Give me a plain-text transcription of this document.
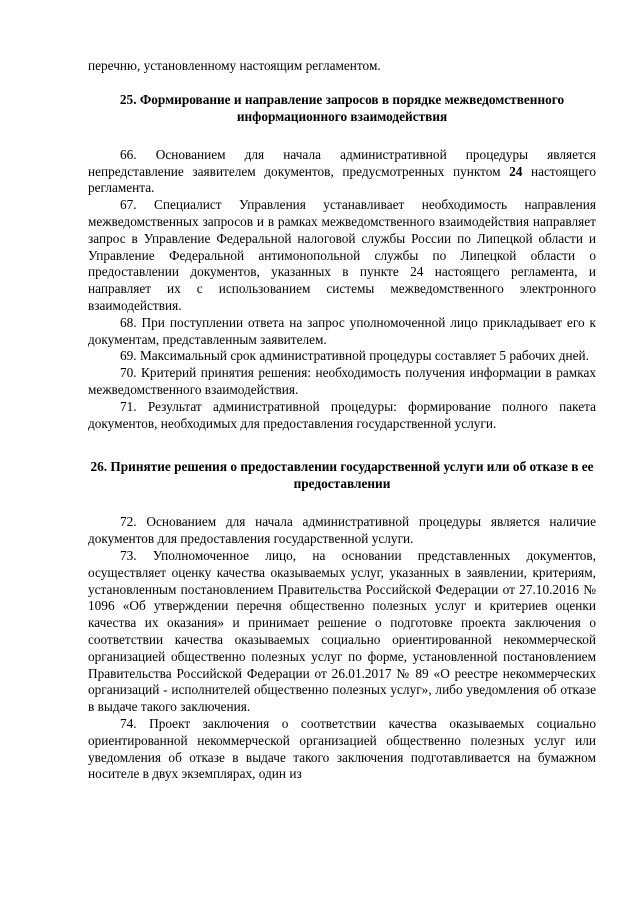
перечню, установленному настоящим регламентом.

25. Формирование и направление запросов в порядке межведомственного информационного взаимодействия

66. Основанием для начала административной процедуры является непредставление заявителем документов, предусмотренных пунктом 24 настоящего регламента.

67. Специалист Управления устанавливает необходимость направления межведомственных запросов и в рамках межведомственного взаимодействия направляет запрос в Управление Федеральной налоговой службы России по Липецкой области и Управление Федеральной антимонопольной службы по Липецкой области о предоставлении документов, указанных в пункте 24 настоящего регламента, и направляет их с использованием системы межведомственного электронного взаимодействия.

68. При поступлении ответа на запрос уполномоченной лицо прикладывает его к документам, представленным заявителем.

69. Максимальный срок административной процедуры составляет 5 рабочих дней.

70. Критерий принятия решения: необходимость получения информации в рамках межведомственного взаимодействия.

71. Результат административной процедуры: формирование полного пакета документов, необходимых для предоставления государственной услуги.

26. Принятие решения о предоставлении государственной услуги или об отказе в ее предоставлении

72. Основанием для начала административной процедуры является наличие документов для предоставления государственной услуги.

73. Уполномоченное лицо, на основании представленных документов, осуществляет оценку качества оказываемых услуг, указанных в заявлении, критериям, установленным постановлением Правительства Российской Федерации от 27.10.2016 № 1096 «Об утверждении перечня общественно полезных услуг и критериев оценки качества их оказания» и принимает решение о подготовке проекта заключения о соответствии качества оказываемых социально ориентированной некоммерческой организацией общественно полезных услуг по форме, установленной постановлением Правительства Российской Федерации от 26.01.2017 № 89 «О реестре некоммерческих организаций - исполнителей общественно полезных услуг», либо уведомления об отказе в выдаче такого заключения.

74. Проект заключения о соответствии качества оказываемых социально ориентированной некоммерческой организацией общественно полезных услуг или уведомления об отказе в выдаче такого заключения подготавливается на бумажном носителе в двух экземплярах, один из
